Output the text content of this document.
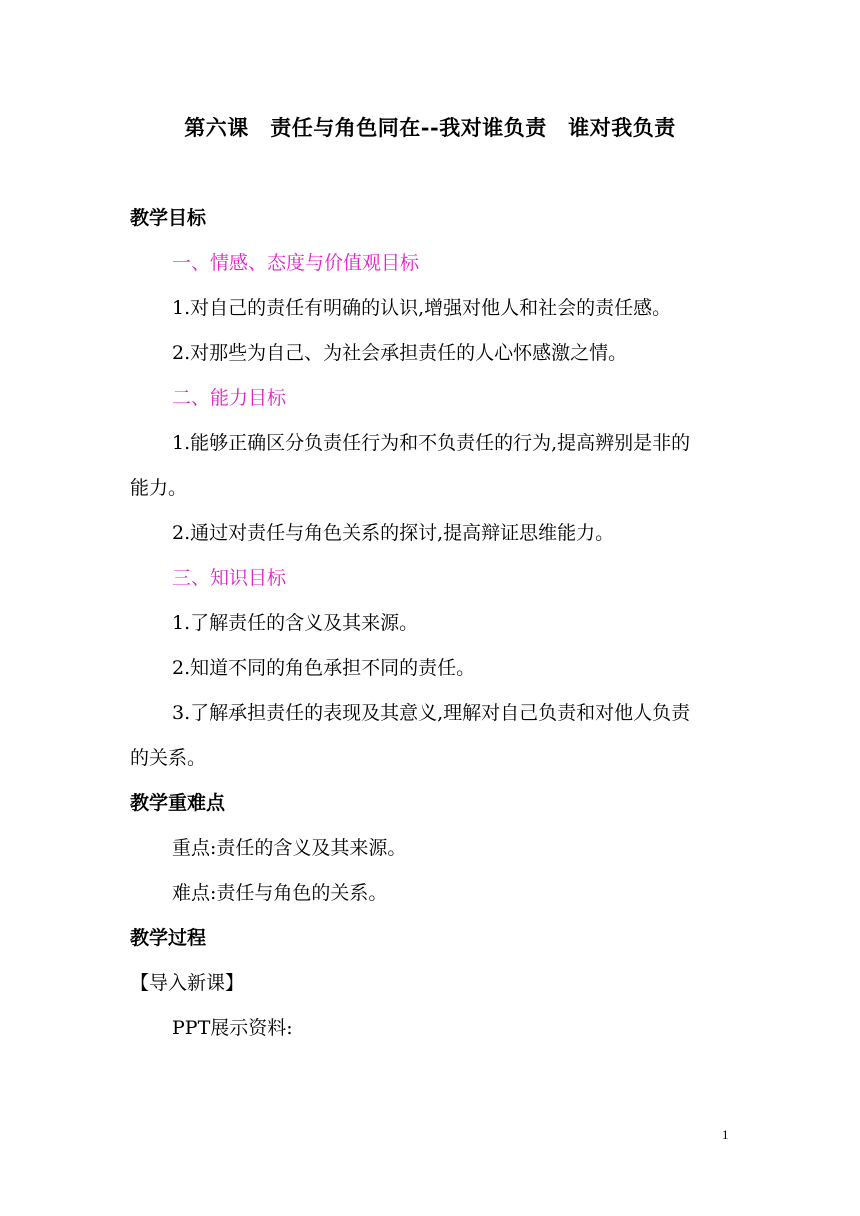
第六课　责任与角色同在--我对谁负责　谁对我负责
教学目标
一、情感、态度与价值观目标
1.对自己的责任有明确的认识,增强对他人和社会的责任感。
2.对那些为自己、为社会承担责任的人心怀感激之情。
二、能力目标
1.能够正确区分负责任行为和不负责任的行为,提高辨别是非的
能力。
2.通过对责任与角色关系的探讨,提高辩证思维能力。
三、知识目标
1.了解责任的含义及其来源。
2.知道不同的角色承担不同的责任。
3.了解承担责任的表现及其意义,理解对自己负责和对他人负责
的关系。
教学重难点
重点:责任的含义及其来源。
难点:责任与角色的关系。
教学过程
【导入新课】
PPT展示资料:
1
